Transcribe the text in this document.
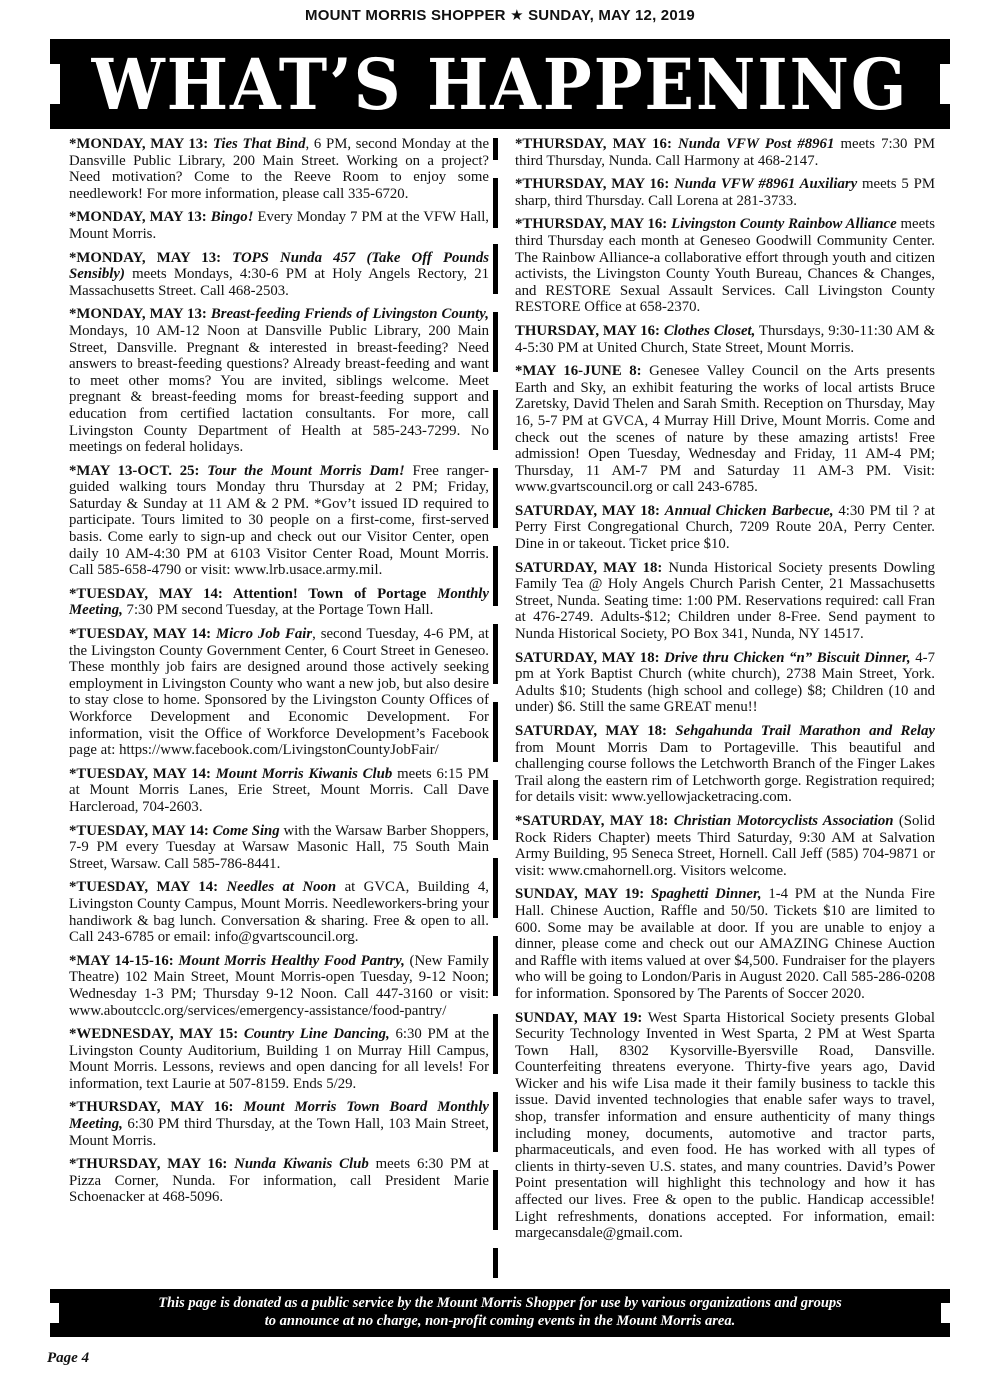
MOUNT MORRIS SHOPPER ★ SUNDAY, MAY 12, 2019
WHAT’S HAPPENING
*MONDAY, MAY 13: Ties That Bind, 6 PM, second Monday at the Dansville Public Library, 200 Main Street. Working on a project? Need motivation? Come to the Reeve Room to enjoy some needlework! For more information, please call 335-6720.
*MONDAY, MAY 13: Bingo! Every Monday 7 PM at the VFW Hall, Mount Morris.
*MONDAY, MAY 13: TOPS Nunda 457 (Take Off Pounds Sensibly) meets Mondays, 4:30-6 PM at Holy Angels Rectory, 21 Massachusetts Street. Call 468-2503.
*MONDAY, MAY 13: Breast-feeding Friends of Livingston County, Mondays, 10 AM-12 Noon at Dansville Public Library, 200 Main Street, Dansville. Pregnant & interested in breast-feeding? Need answers to breast-feeding questions? Already breast-feeding and want to meet other moms? You are invited, siblings welcome. Meet pregnant & breast-feeding moms for breast-feeding support and education from certified lactation consultants. For more, call Livingston County Department of Health at 585-243-7299. No meetings on federal holidays.
*MAY 13-OCT. 25: Tour the Mount Morris Dam! Free ranger-guided walking tours Monday thru Thursday at 2 PM; Friday, Saturday & Sunday at 11 AM & 2 PM. *Gov’t issued ID required to participate. Tours limited to 30 people on a first-come, first-served basis. Come early to sign-up and check out our Visitor Center, open daily 10 AM-4:30 PM at 6103 Visitor Center Road, Mount Morris. Call 585-658-4790 or visit: www.lrb.usace.army.mil.
*TUESDAY, MAY 14: Attention! Town of Portage Monthly Meeting, 7:30 PM second Tuesday, at the Portage Town Hall.
*TUESDAY, MAY 14: Micro Job Fair, second Tuesday, 4-6 PM, at the Livingston County Government Center, 6 Court Street in Geneseo. These monthly job fairs are designed around those actively seeking employment in Livingston County who want a new job, but also desire to stay close to home. Sponsored by the Livingston County Offices of Workforce Development and Economic Development. For information, visit the Office of Workforce Development’s Facebook page at: https://www.facebook.com/LivingstonCountyJobFair/
*TUESDAY, MAY 14: Mount Morris Kiwanis Club meets 6:15 PM at Mount Morris Lanes, Erie Street, Mount Morris. Call Dave Harcleroad, 704-2603.
*TUESDAY, MAY 14: Come Sing with the Warsaw Barber Shoppers, 7-9 PM every Tuesday at Warsaw Masonic Hall, 75 South Main Street, Warsaw. Call 585-786-8441.
*TUESDAY, MAY 14: Needles at Noon at GVCA, Building 4, Livingston County Campus, Mount Morris. Needleworkers-bring your handiwork & bag lunch. Conversation & sharing. Free & open to all. Call 243-6785 or email: info@gvartscouncil.org.
*MAY 14-15-16: Mount Morris Healthy Food Pantry, (New Family Theatre) 102 Main Street, Mount Morris-open Tuesday, 9-12 Noon; Wednesday 1-3 PM; Thursday 9-12 Noon. Call 447-3160 or visit: www.aboutcclc.org/services/emergency-assistance/food-pantry/
*WEDNESDAY, MAY 15: Country Line Dancing, 6:30 PM at the Livingston County Auditorium, Building 1 on Murray Hill Campus, Mount Morris. Lessons, reviews and open dancing for all levels! For information, text Laurie at 507-8159. Ends 5/29.
*THURSDAY, MAY 16: Mount Morris Town Board Monthly Meeting, 6:30 PM third Thursday, at the Town Hall, 103 Main Street, Mount Morris.
*THURSDAY, MAY 16: Nunda Kiwanis Club meets 6:30 PM at Pizza Corner, Nunda. For information, call President Marie Schoenacker at 468-5096.
*THURSDAY, MAY 16: Nunda VFW Post #8961 meets 7:30 PM third Thursday, Nunda. Call Harmony at 468-2147.
*THURSDAY, MAY 16: Nunda VFW #8961 Auxiliary meets 5 PM sharp, third Thursday. Call Lorena at 281-3733.
*THURSDAY, MAY 16: Livingston County Rainbow Alliance meets third Thursday each month at Geneseo Goodwill Community Center. The Rainbow Alliance-a collaborative effort through youth and citizen activists, the Livingston County Youth Bureau, Chances & Changes, and RESTORE Sexual Assault Services. Call Livingston County RESTORE Office at 658-2370.
THURSDAY, MAY 16: Clothes Closet, Thursdays, 9:30-11:30 AM & 4-5:30 PM at United Church, State Street, Mount Morris.
*MAY 16-JUNE 8: Genesee Valley Council on the Arts presents Earth and Sky, an exhibit featuring the works of local artists Bruce Zaretsky, David Thelen and Sarah Smith. Reception on Thursday, May 16, 5-7 PM at GVCA, 4 Murray Hill Drive, Mount Morris. Come and check out the scenes of nature by these amazing artists! Free admission! Open Tuesday, Wednesday and Friday, 11 AM-4 PM; Thursday, 11 AM-7 PM and Saturday 11 AM-3 PM. Visit: www.gvartscouncil.org or call 243-6785.
SATURDAY, MAY 18: Annual Chicken Barbecue, 4:30 PM til ? at Perry First Congregational Church, 7209 Route 20A, Perry Center. Dine in or takeout. Ticket price $10.
SATURDAY, MAY 18: Nunda Historical Society presents Dowling Family Tea @ Holy Angels Church Parish Center, 21 Massachusetts Street, Nunda. Seating time: 1:00 PM. Reservations required: call Fran at 476-2749. Adults-$12; Children under 8-Free. Send payment to Nunda Historical Society, PO Box 341, Nunda, NY 14517.
SATURDAY, MAY 18: Drive thru Chicken “n” Biscuit Dinner, 4-7 pm at York Baptist Church (white church), 2738 Main Street, York. Adults $10; Students (high school and college) $8; Children (10 and under) $6. Still the same GREAT menu!!
SATURDAY, MAY 18: Sehgahunda Trail Marathon and Relay from Mount Morris Dam to Portageville. This beautiful and challenging course follows the Letchworth Branch of the Finger Lakes Trail along the eastern rim of Letchworth gorge. Registration required; for details visit: www.yellowjacketracing.com.
*SATURDAY, MAY 18: Christian Motorcyclists Association (Solid Rock Riders Chapter) meets Third Saturday, 9:30 AM at Salvation Army Building, 95 Seneca Street, Hornell. Call Jeff (585) 704-9871 or visit: www.cmahornell.org. Visitors welcome.
SUNDAY, MAY 19: Spaghetti Dinner, 1-4 PM at the Nunda Fire Hall. Chinese Auction, Raffle and 50/50. Tickets $10 are limited to 600. Some may be available at door. If you are unable to enjoy a dinner, please come and check out our AMAZING Chinese Auction and Raffle with items valued at over $4,500. Fundraiser for the players who will be going to London/Paris in August 2020. Call 585-286-0208 for information. Sponsored by The Parents of Soccer 2020.
SUNDAY, MAY 19: West Sparta Historical Society presents Global Security Technology Invented in West Sparta, 2 PM at West Sparta Town Hall, 8302 Kysorville-Byersville Road, Dansville. Counterfeiting threatens everyone. Thirty-five years ago, David Wicker and his wife Lisa made it their family business to tackle this issue. David invented technologies that enable safer ways to travel, shop, transfer information and ensure authenticity of many things including money, documents, automotive and tractor parts, pharmaceuticals, and even food. He has worked with all types of clients in thirty-seven U.S. states, and many countries. David’s Power Point presentation will highlight this technology and how it has affected our lives. Free & open to the public. Handicap accessible! Light refreshments, donations accepted. For information, email: margecansdale@gmail.com.
This page is donated as a public service by the Mount Morris Shopper for use by various organizations and groups
to announce at no charge, non-profit coming events in the Mount Morris area.
Page 4
